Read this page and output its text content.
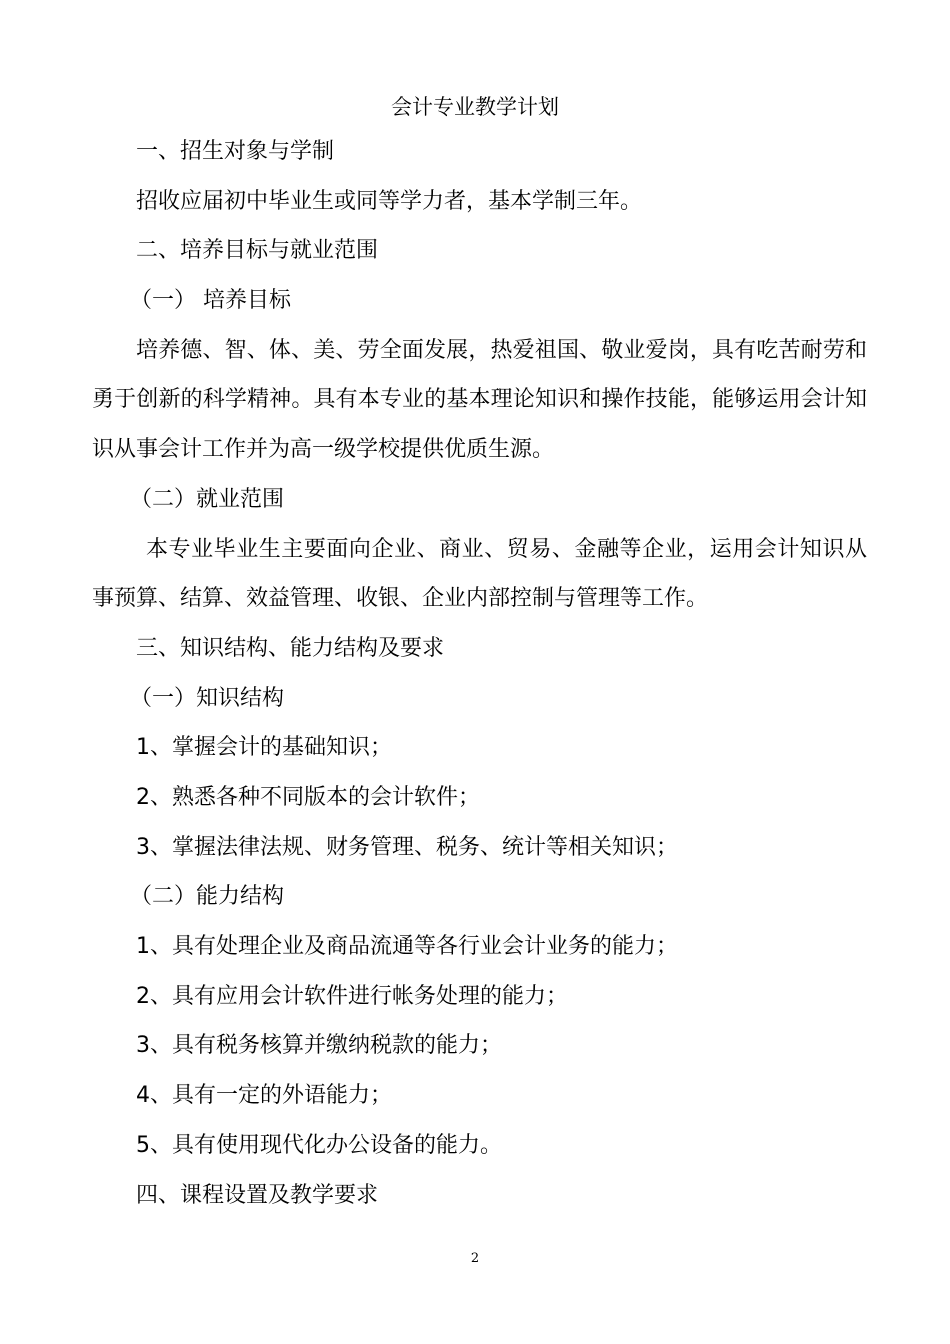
会计专业教学计划
一、招生对象与学制
招收应届初中毕业生或同等学力者，基本学制三年。
二、培养目标与就业范围
（一） 培养目标
培养德、智、体、美、劳全面发展，热爱祖国、敬业爱岗，具有吃苦耐劳和勇于创新的科学精神。具有本专业的基本理论知识和操作技能，能够运用会计知识从事会计工作并为高一级学校提供优质生源。
（二）就业范围
本专业毕业生主要面向企业、商业、贸易、金融等企业，运用会计知识从事预算、结算、效益管理、收银、企业内部控制与管理等工作。
三、知识结构、能力结构及要求
（一）知识结构
1、掌握会计的基础知识；
2、熟悉各种不同版本的会计软件；
3、掌握法律法规、财务管理、税务、统计等相关知识；
（二）能力结构
1、具有处理企业及商品流通等各行业会计业务的能力；
2、具有应用会计软件进行帐务处理的能力；
3、具有税务核算并缴纳税款的能力；
4、具有一定的外语能力；
5、具有使用现代化办公设备的能力。
四、课程设置及教学要求
2
